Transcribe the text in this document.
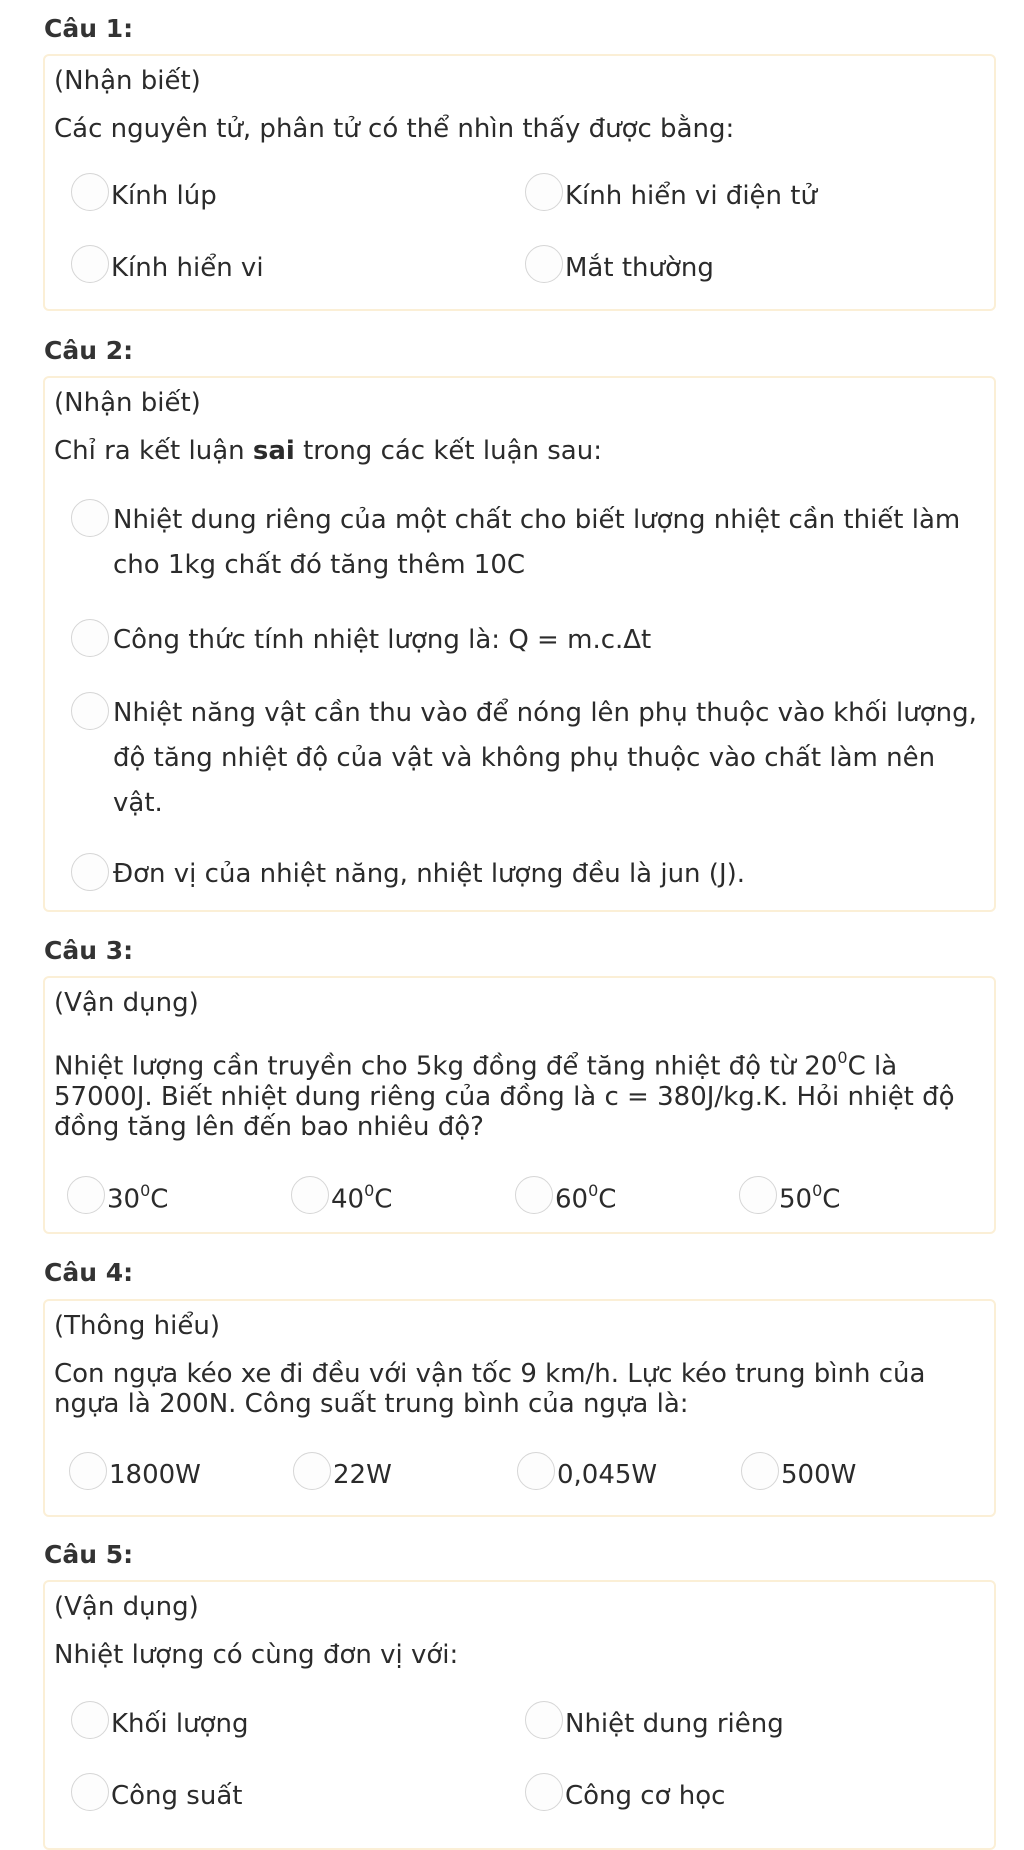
Câu 1:
(Nhận biết)
Các nguyên tử, phân tử có thể nhìn thấy được bằng:
Kính lúp	Kính hiển vi điện tử
Kính hiển vi	Mắt thường
Câu 2:
(Nhận biết)
Chỉ ra kết luận sai trong các kết luận sau:
Nhiệt dung riêng của một chất cho biết lượng nhiệt cần thiết làm cho 1kg chất đó tăng thêm 10C
Công thức tính nhiệt lượng là: Q = m.c.Δt
Nhiệt năng vật cần thu vào để nóng lên phụ thuộc vào khối lượng, độ tăng nhiệt độ của vật và không phụ thuộc vào chất làm nên vật.
Đơn vị của nhiệt năng, nhiệt lượng đều là jun (J).
Câu 3:
(Vận dụng)
Nhiệt lượng cần truyền cho 5kg đồng để tăng nhiệt độ từ $20^0C$ là
57000J. Biết nhiệt dung riêng của đồng là c = 380J/kg.K. Hỏi nhiệt độ
đồng tăng lên đến bao nhiêu độ?
$30^0C$	$40^0C$	$60^0C$	$50^0C$
Câu 4:
(Thông hiểu)
Con ngựa kéo xe đi đều với vận tốc 9 km/h. Lực kéo trung bình của
ngựa là 200N. Công suất trung bình của ngựa là:
1800W	22W	0,045W	500W
Câu 5:
(Vận dụng)
Nhiệt lượng có cùng đơn vị với:
Khối lượng	Nhiệt dung riêng
Công suất	Công cơ học
